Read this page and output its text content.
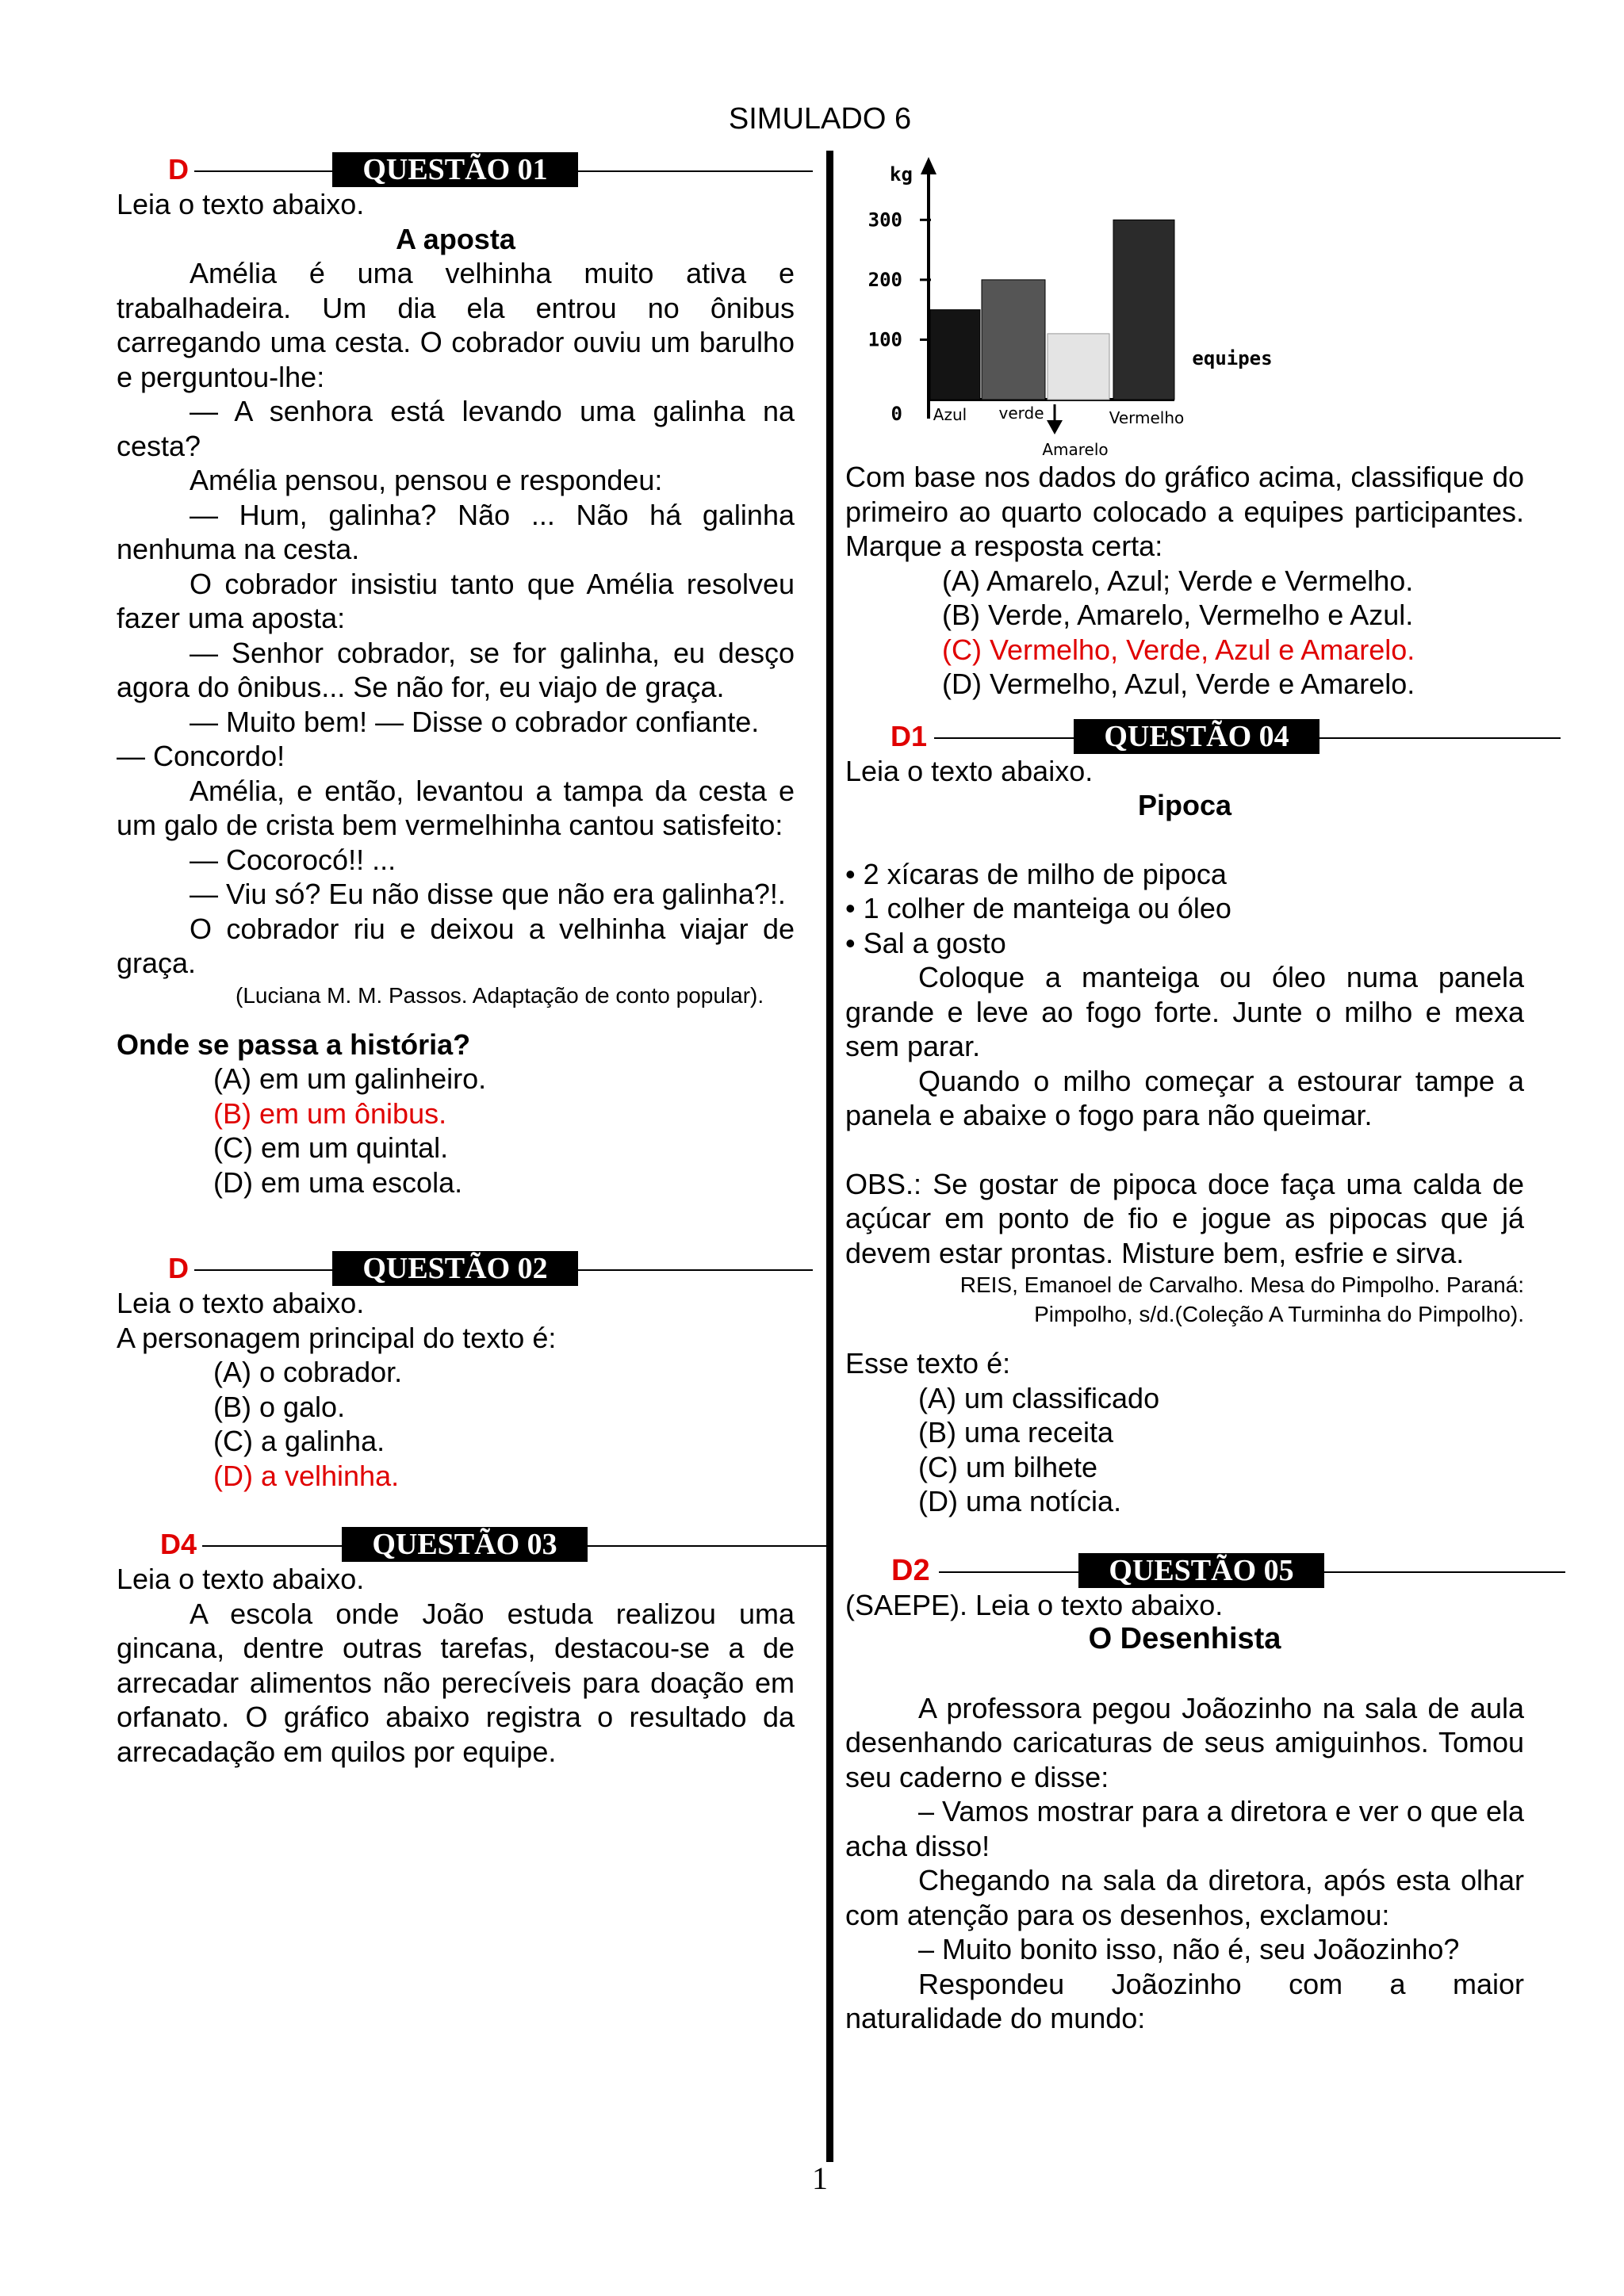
SIMULADO 6
D	QUESTÃO 01

Leia o texto abaixo.

A aposta

Amélia é uma velhinha muito ativa e trabalhadeira. Um dia ela entrou no ônibus carregando uma cesta. O cobrador ouviu um barulho e perguntou-lhe:

— A senhora está levando uma galinha na cesta?

Amélia pensou, pensou e respondeu:

— Hum, galinha? Não ... Não há galinha nenhuma na cesta.

O cobrador insistiu tanto que Amélia resolveu fazer uma aposta:

— Senhor cobrador, se for galinha, eu desço agora do ônibus... Se não for, eu viajo de graça.

— Muito bem! — Disse o cobrador confiante.

— Concordo!

Amélia, e então, levantou a tampa da cesta e um galo de crista bem vermelhinha cantou satisfeito:

— Cocorocó!! ...

— Viu só? Eu não disse que não era galinha?!.

O cobrador riu e deixou a velhinha viajar de graça.

(Luciana M. M. Passos. Adaptação de conto popular).

Onde se passa a história?

(A) em um galinheiro.

(B) em um ônibus.

(C) em um quintal.

(D) em uma escola.

D	QUESTÃO 02

Leia o texto abaixo.

A personagem principal do texto é:

(A) o cobrador.

(B) o galo.

(C) a galinha.

(D) a velhinha.

D4	QUESTÃO 03

Leia o texto abaixo.

A escola onde João estuda realizou uma gincana, dentre outras tarefas, destacou-se a de arrecadar alimentos não perecíveis para doação em orfanato. O gráfico abaixo registra o resultado da arrecadação em quilos por equipe.

kg
equipes
0
100
200
300
Azul verde
Amarelo
Vermelho

Com base nos dados do gráfico acima, classifique do primeiro ao quarto colocado a equipes participantes. Marque a resposta certa:

(A) Amarelo, Azul; Verde e Vermelho.

(B) Verde, Amarelo, Vermelho e Azul.

(C) Vermelho, Verde, Azul e Amarelo.

(D) Vermelho, Azul, Verde e Amarelo.

D1	QUESTÃO 04

Leia o texto abaixo.

Pipoca

• 2 xícaras de milho de pipoca

• 1 colher de manteiga ou óleo

• Sal a gosto

Coloque a manteiga ou óleo numa panela grande e leve ao fogo forte. Junte o milho e mexa sem parar.

Quando o milho começar a estourar tampe a panela e abaixe o fogo para não queimar.

OBS.: Se gostar de pipoca doce faça uma calda de açúcar em ponto de fio e jogue as pipocas que já devem estar prontas. Misture bem, esfrie e sirva.

REIS, Emanoel de Carvalho. Mesa do Pimpolho. Paraná:

Pimpolho, s/d.(Coleção A Turminha do Pimpolho).

Esse texto é:

(A) um classificado

(B) uma receita

(C) um bilhete

(D) uma notícia.

D2	QUESTÃO 05

(SAEPE). Leia o texto abaixo.

O Desenhista

A professora pegou Joãozinho na sala de aula desenhando caricaturas de seus amiguinhos. Tomou seu caderno e disse:

– Vamos mostrar para a diretora e ver o que ela acha disso!

Chegando na sala da diretora, após esta olhar com atenção para os desenhos, exclamou:

– Muito bonito isso, não é, seu Joãozinho?

Respondeu Joãozinho com a maior naturalidade do mundo:

1
